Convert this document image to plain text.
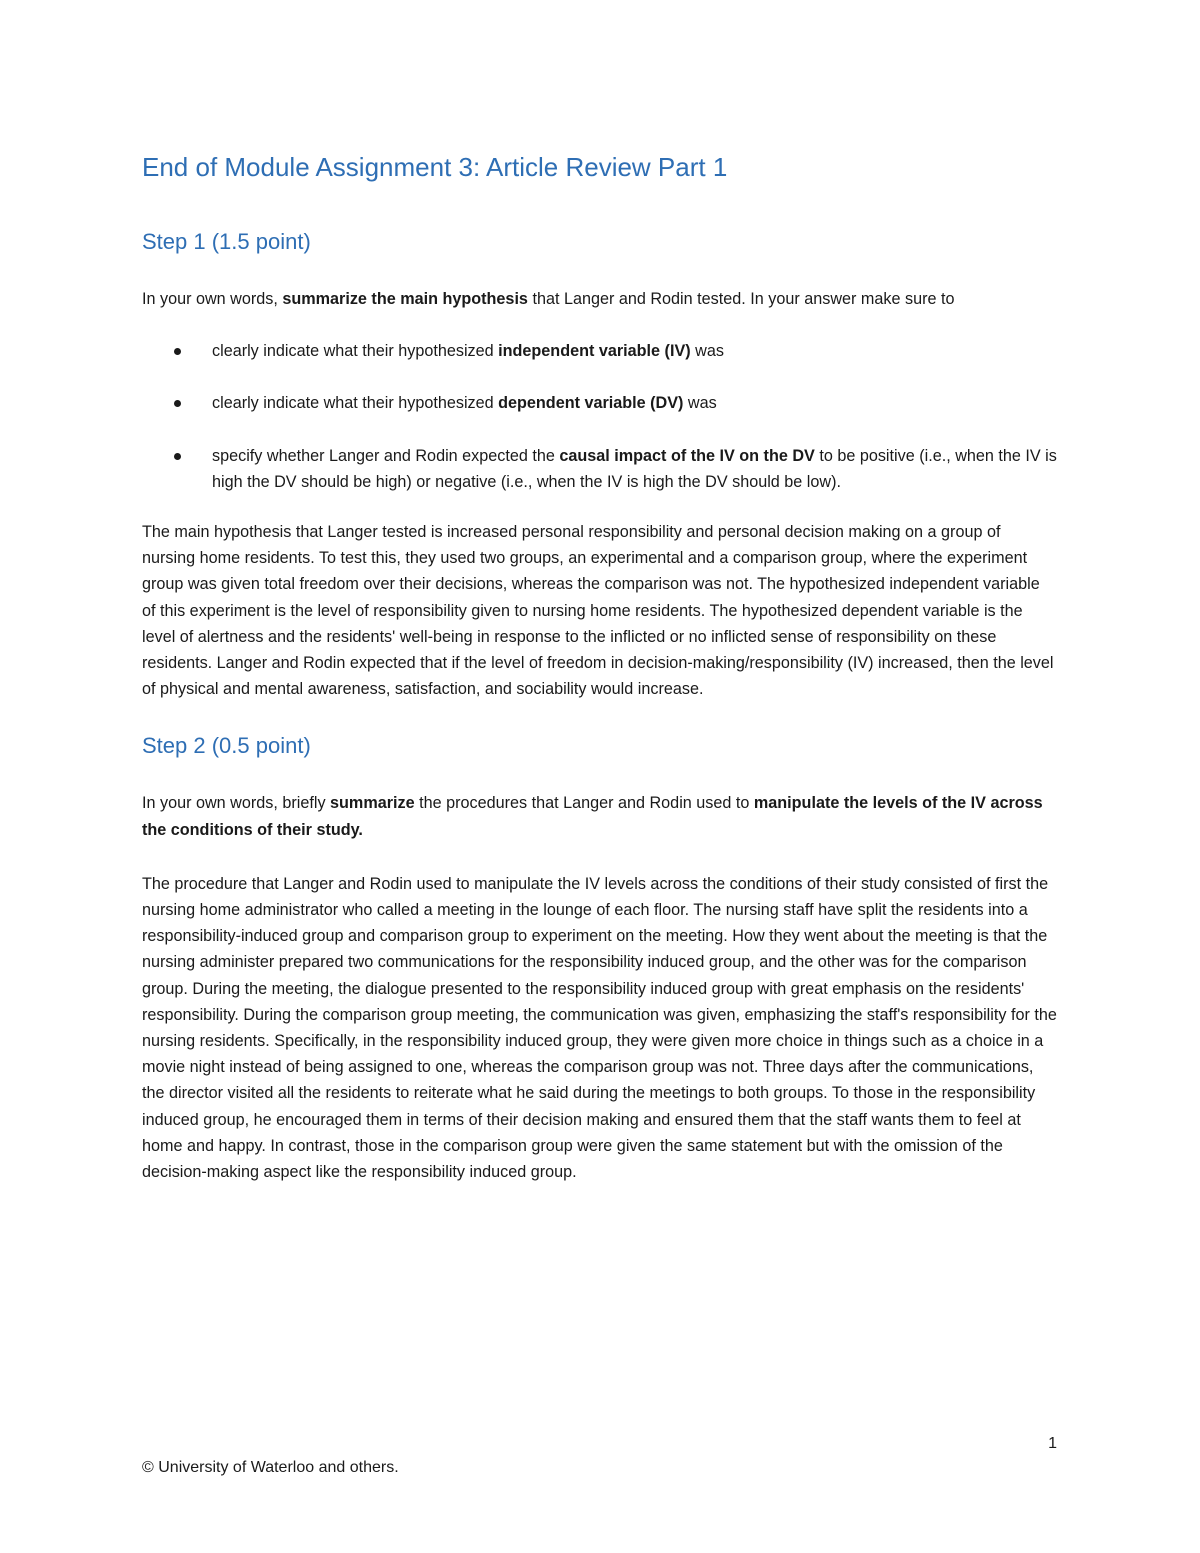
End of Module Assignment 3: Article Review Part 1
Step 1 (1.5 point)

In your own words, summarize the main hypothesis that Langer and Rodin tested. In your answer make sure to

clearly indicate what their hypothesized independent variable (IV) was
clearly indicate what their hypothesized dependent variable (DV) was
specify whether Langer and Rodin expected the causal impact of the IV on the DV to be positive (i.e., when the IV is high the DV should be high) or negative (i.e., when the IV is high the DV should be low).

The main hypothesis that Langer tested is increased personal responsibility and personal decision making on a group of nursing home residents. To test this, they used two groups, an experimental and a comparison group, where the experiment group was given total freedom over their decisions, whereas the comparison was not. The hypothesized independent variable of this experiment is the level of responsibility given to nursing home residents. The hypothesized dependent variable is the level of alertness and the residents' well-being in response to the inflicted or no inflicted sense of responsibility on these residents. Langer and Rodin expected that if the level of freedom in decision-making/responsibility (IV) increased, then the level of physical and mental awareness, satisfaction, and sociability would increase.

Step 2 (0.5 point)

In your own words, briefly summarize the procedures that Langer and Rodin used to manipulate the levels of the IV across the conditions of their study.

The procedure that Langer and Rodin used to manipulate the IV levels across the conditions of their study consisted of first the nursing home administrator who called a meeting in the lounge of each floor. The nursing staff have split the residents into a responsibility-induced group and comparison group to experiment on the meeting. How they went about the meeting is that the nursing administer prepared two communications for the responsibility induced group, and the other was for the comparison group. During the meeting, the dialogue presented to the responsibility induced group with great emphasis on the residents' responsibility. During the comparison group meeting, the communication was given, emphasizing the staff's responsibility for the nursing residents. Specifically, in the responsibility induced group, they were given more choice in things such as a choice in a movie night instead of being assigned to one, whereas the comparison group was not. Three days after the communications, the director visited all the residents to reiterate what he said during the meetings to both groups. To those in the responsibility induced group, he encouraged them in terms of their decision making and ensured them that the staff wants them to feel at home and happy. In contrast, those in the comparison group were given the same statement but with the omission of the decision-making aspect like the responsibility induced group.

1
© University of Waterloo and others.
